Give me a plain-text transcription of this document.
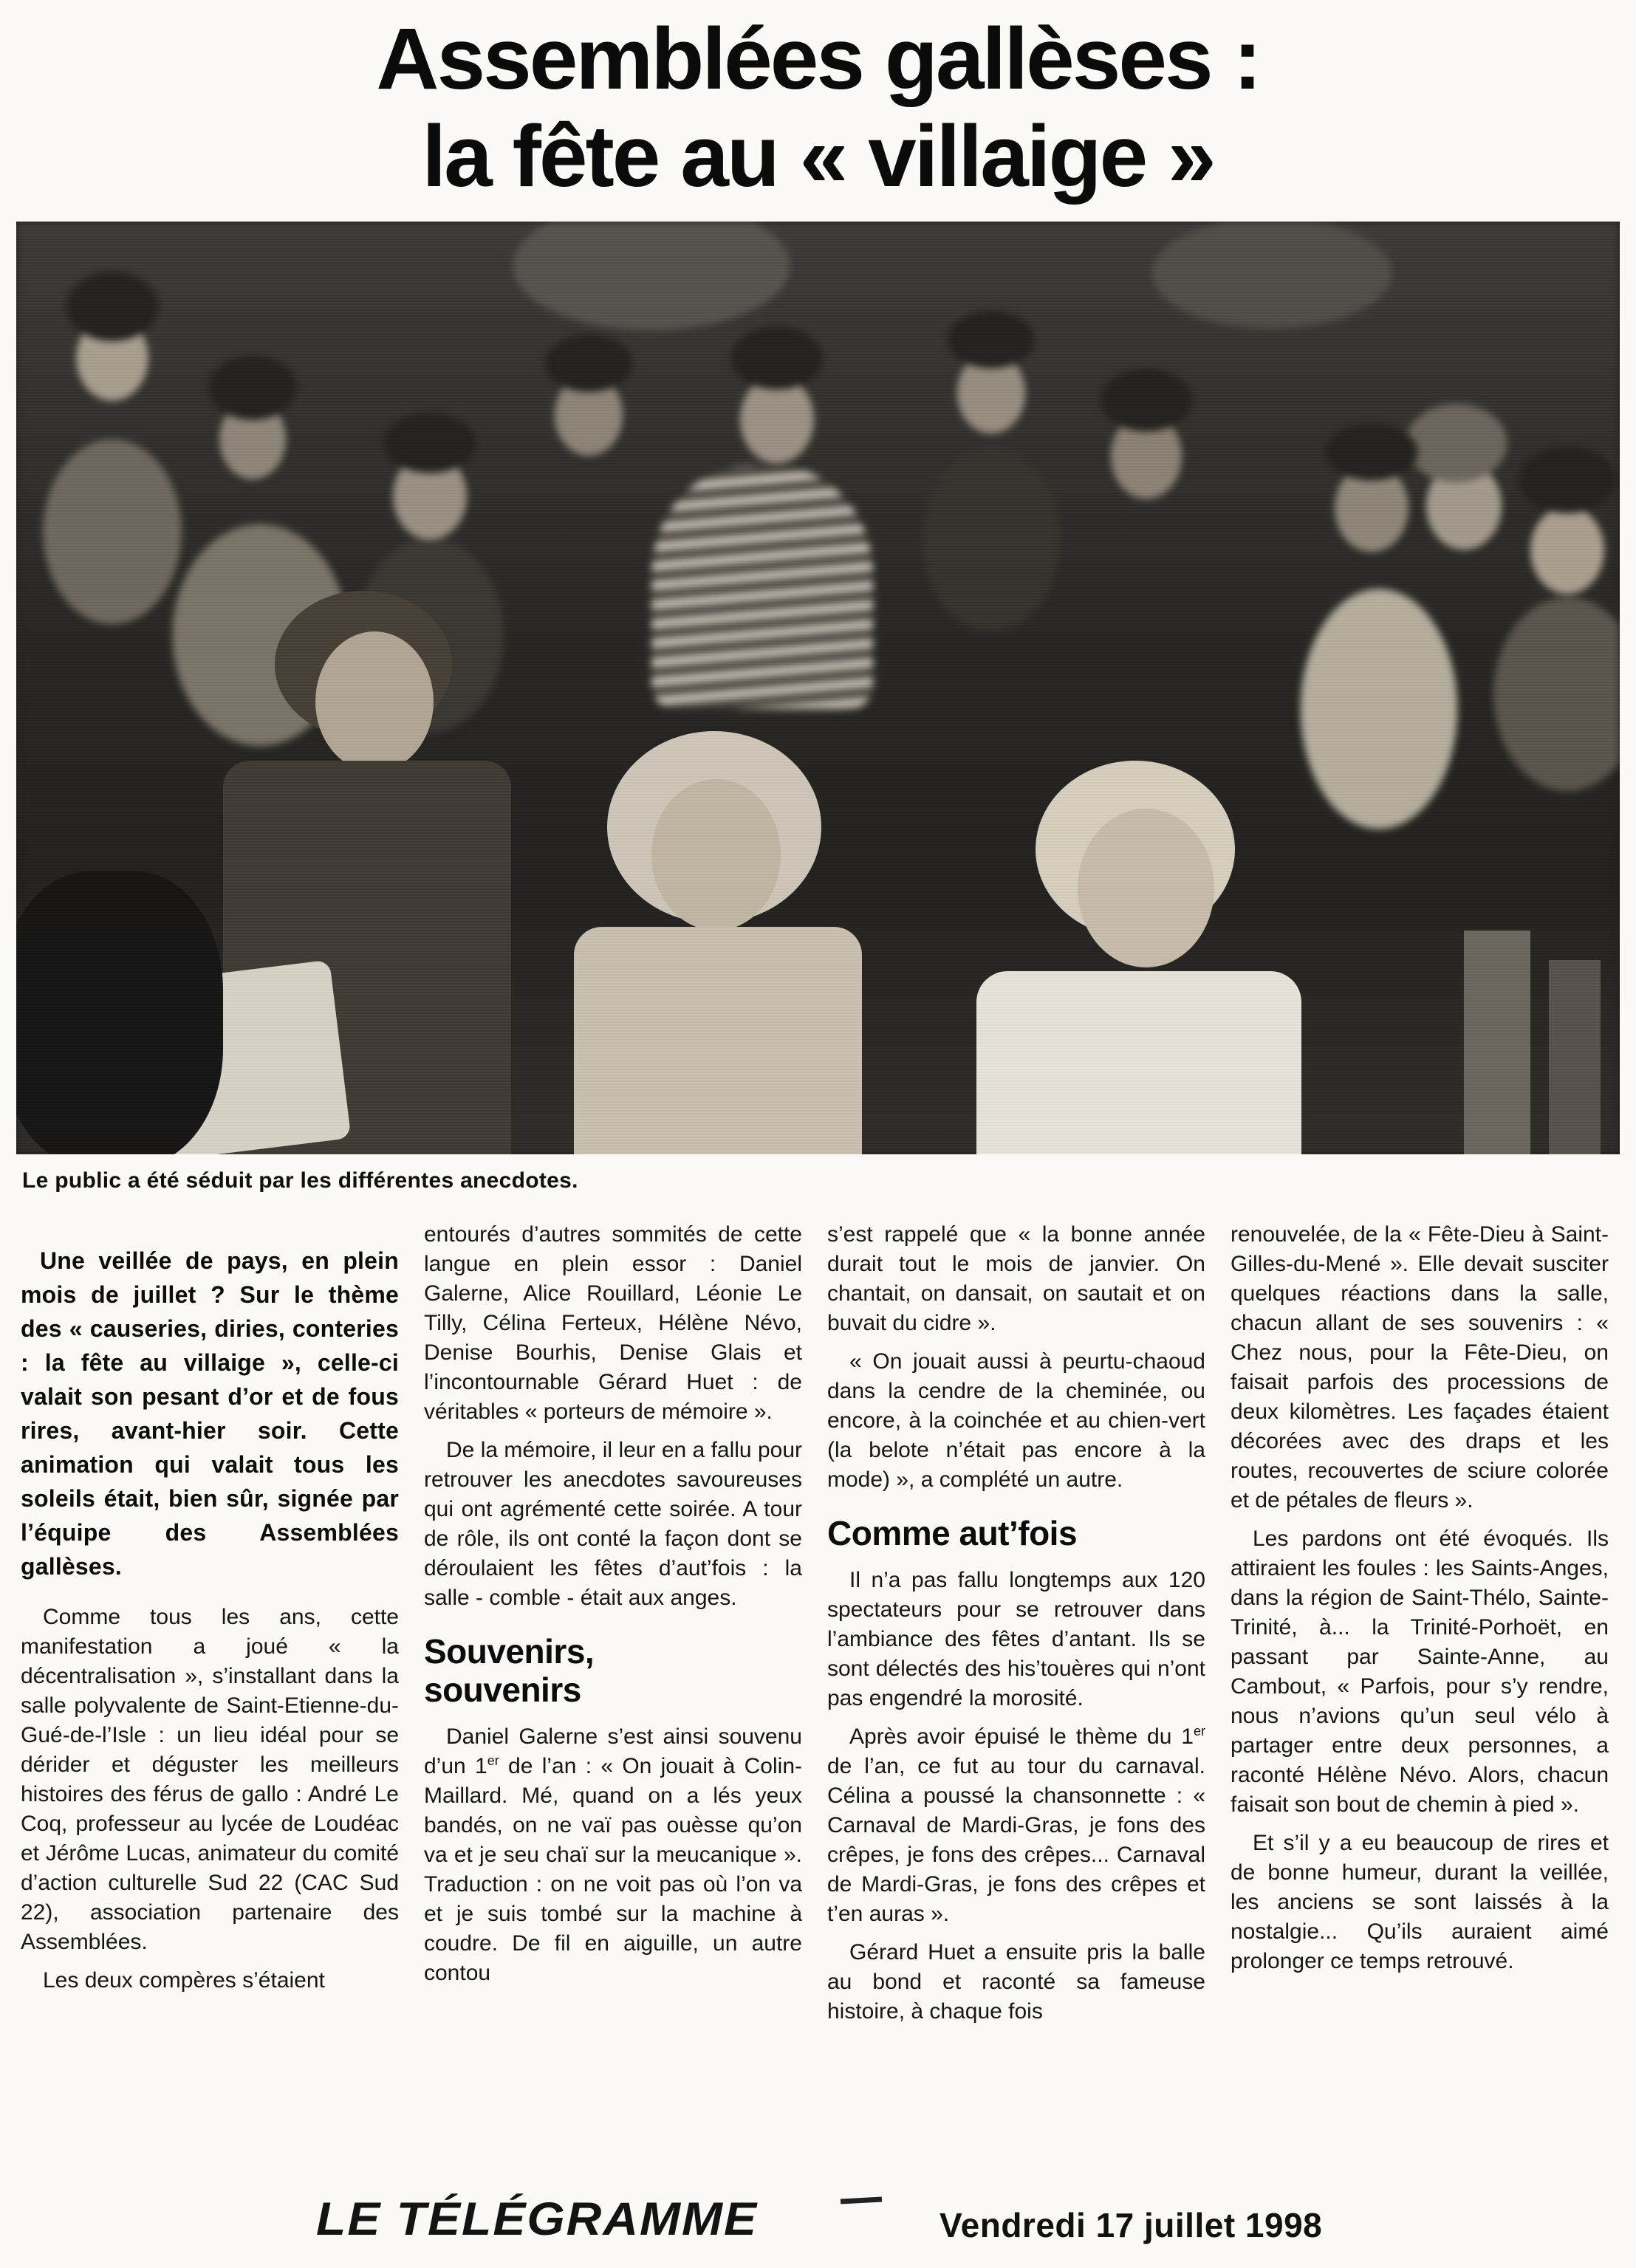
Assemblées gallèses :
la fête au « villaige »
Le public a été séduit par les différentes anecdotes.

Une veillée de pays, en plein mois de juillet ? Sur le thème des « causeries, diries, conteries : la fête au villaige », celle-ci valait son pesant d’or et de fous rires, avant-hier soir. Cette animation qui valait tous les soleils était, bien sûr, signée par l’équipe des Assemblées gallèses.

Comme tous les ans, cette manifestation a joué « la décentralisation », s’installant dans la salle polyvalente de Saint-Etienne-du-Gué-de-l’Isle : un lieu idéal pour se dérider et déguster les meilleurs histoires des férus de gallo : André Le Coq, professeur au lycée de Loudéac et Jérôme Lucas, animateur du comité d’action culturelle Sud 22 (CAC Sud 22), association partenaire des Assemblées.

Les deux compères s’étaient

entourés d’autres sommités de cette langue en plein essor : Daniel Galerne, Alice Rouillard, Léonie Le Tilly, Célina Ferteux, Hélène Névo, Denise Bourhis, Denise Glais et l’incontournable Gérard Huet : de véritables « porteurs de mémoire ».

De la mémoire, il leur en a fallu pour retrouver les anecdotes savoureuses qui ont agrémenté cette soirée. A tour de rôle, ils ont conté la façon dont se déroulaient les fêtes d’aut’fois : la salle - comble - était aux anges.

Souvenirs,
souvenirs

Daniel Galerne s’est ainsi souvenu d’un 1er de l’an : « On jouait à Colin-Maillard. Mé, quand on a lés yeux bandés, on ne vaï pas ouèsse qu’on va et je seu chaï sur la meucanique ». Traduction : on ne voit pas où l’on va et je suis tombé sur la machine à coudre. De fil en aiguille, un autre contou

s’est rappelé que « la bonne année durait tout le mois de janvier. On chantait, on dansait, on sautait et on buvait du cidre ».

« On jouait aussi à peurtu-chaoud dans la cendre de la cheminée, ou encore, à la coinchée et au chien-vert (la belote n’était pas encore à la mode) », a complété un autre.

Comme aut’fois

Il n’a pas fallu longtemps aux 120 spectateurs pour se retrouver dans l’ambiance des fêtes d’antant. Ils se sont délectés des his’touères qui n’ont pas engendré la morosité.

Après avoir épuisé le thème du 1er de l’an, ce fut au tour du carnaval. Célina a poussé la chansonnette : « Carnaval de Mardi-Gras, je fons des crêpes, je fons des crêpes... Carnaval de Mardi-Gras, je fons des crêpes et t’en auras ».

Gérard Huet a ensuite pris la balle au bond et raconté sa fameuse histoire, à chaque fois

renouvelée, de la « Fête-Dieu à Saint-Gilles-du-Mené ». Elle devait susciter quelques réactions dans la salle, chacun allant de ses souvenirs : « Chez nous, pour la Fête-Dieu, on faisait parfois des processions de deux kilomètres. Les façades étaient décorées avec des draps et les routes, recouvertes de sciure colorée et de pétales de fleurs ».

Les pardons ont été évoqués. Ils attiraient les foules : les Saints-Anges, dans la région de Saint-Thélo, Sainte-Trinité, à... la Trinité-Porhoët, en passant par Sainte-Anne, au Cambout, « Parfois, pour s’y rendre, nous n’avions qu’un seul vélo à partager entre deux personnes, a raconté Hélène Névo. Alors, chacun faisait son bout de chemin à pied ».

Et s’il y a eu beaucoup de rires et de bonne humeur, durant la veillée, les anciens se sont laissés à la nostalgie... Qu’ils auraient aimé prolonger ce temps retrouvé.

LE TÉLÉGRAMME	Vendredi 17 juillet 1998
